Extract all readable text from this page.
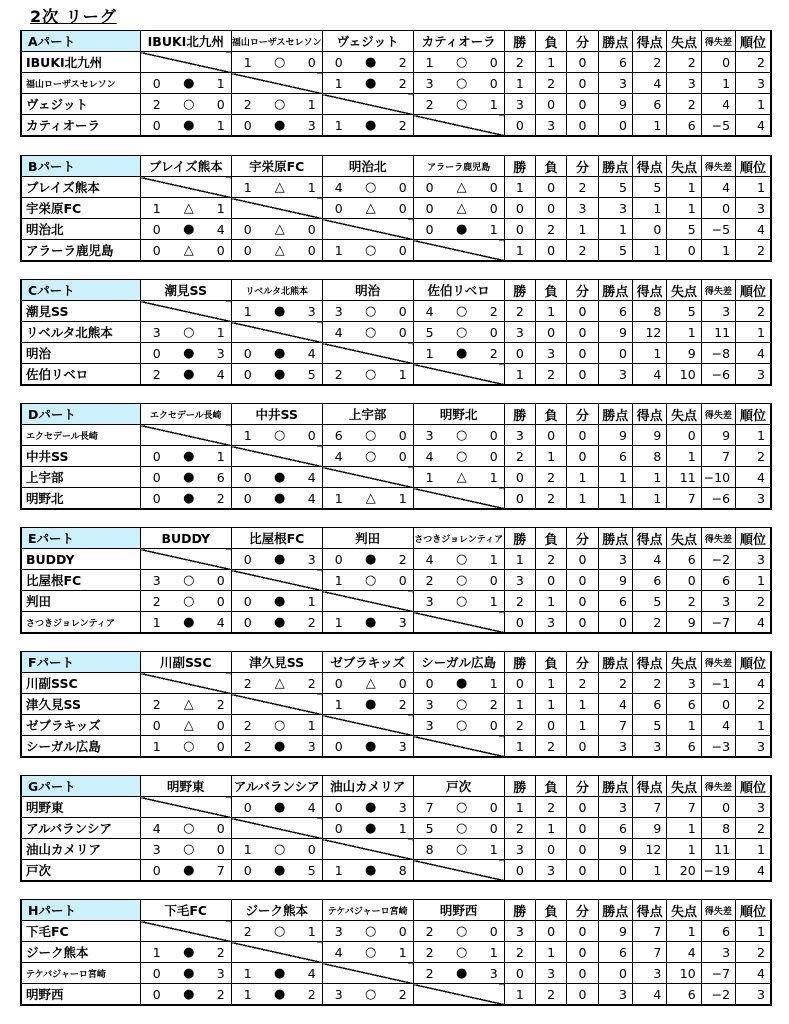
2次 リーグ
Aパート	IBUKI北九州	福山ローザスセレソン	ヴェジット	カティオーラ	勝	負	分	勝点	得点	失点	得失差	順位
IBUKI北九州		1 ○ 0	0 ● 2	1 ○ 0	2	1	0	6	2	2	0	2
福山ローザスセレソン	0 ● 1		1 ● 2	3 ○ 0	1	2	0	3	4	3	1	3
ヴェジット	2 ○ 0	2 ○ 1		2 ○ 1	3	0	0	9	6	2	4	1
カティオーラ	0 ● 1	0 ● 3	1 ● 2		0	3	0	0	1	6	−5	4
Bパート	ブレイズ熊本	宇栄原FC	明治北	アラーラ鹿児島	勝	負	分	勝点	得点	失点	得失差	順位
ブレイズ熊本		1 △ 1	4 ○ 0	0 △ 0	1	0	2	5	5	1	4	1
宇栄原FC	1 △ 1		0 △ 0	0 △ 0	0	0	3	3	1	1	0	3
明治北	0 ● 4	0 △ 0		0 ● 1	0	2	1	1	0	5	−5	4
アラーラ鹿児島	0 △ 0	0 △ 0	1 ○ 0		1	0	2	5	1	0	1	2
Cパート	潮見SS	リベルタ北熊本	明治	佐伯リベロ	勝	負	分	勝点	得点	失点	得失差	順位
潮見SS		1 ● 3	3 ○ 0	4 ○ 2	2	1	0	6	8	5	3	2
リベルタ北熊本	3 ○ 1		4 ○ 0	5 ○ 0	3	0	0	9	12	1	11	1
明治	0 ● 3	0 ● 4		1 ● 2	0	3	0	0	1	9	−8	4
佐伯リベロ	2 ● 4	0 ● 5	2 ○ 1		1	2	0	3	4	10	−6	3
Dパート	エクセデール長崎	中井SS	上宇部	明野北	勝	負	分	勝点	得点	失点	得失差	順位
エクセデール長崎		1 ○ 0	6 ○ 0	3 ○ 0	3	0	0	9	9	0	9	1
中井SS	0 ● 1		4 ○ 0	4 ○ 0	2	1	0	6	8	1	7	2
上宇部	0 ● 6	0 ● 4		1 △ 1	0	2	1	1	1	11	−10	4
明野北	0 ● 2	0 ● 4	1 △ 1		0	2	1	1	1	7	−6	3
Eパート	BUDDY	比屋根FC	判田	さつきジョレンティア	勝	負	分	勝点	得点	失点	得失差	順位
BUDDY		0 ● 3	0 ● 2	4 ○ 1	1	2	0	3	4	6	−2	3
比屋根FC	3 ○ 0		1 ○ 0	2 ○ 0	3	0	0	9	6	0	6	1
判田	2 ○ 0	0 ● 1		3 ○ 1	2	1	0	6	5	2	3	2
さつきジョレンティア	1 ● 4	0 ● 2	1 ● 3		0	3	0	0	2	9	−7	4
Fパート	川副SSC	津久見SS	ゼブラキッズ	シーガル広島	勝	負	分	勝点	得点	失点	得失差	順位
川副SSC		2 △ 2	0 △ 0	0 ● 1	0	1	2	2	2	3	−1	4
津久見SS	2 △ 2		1 ● 2	3 ○ 2	1	1	1	4	6	6	0	2
ゼブラキッズ	0 △ 0	2 ○ 1		3 ○ 0	2	0	1	7	5	1	4	1
シーガル広島	1 ○ 0	2 ● 3	0 ● 3		1	2	0	3	3	6	−3	3
Gパート	明野東	アルバランシア	油山カメリア	戸次	勝	負	分	勝点	得点	失点	得失差	順位
明野東		0 ● 4	0 ● 3	7 ○ 0	1	2	0	3	7	7	0	3
アルバランシア	4 ○ 0		0 ● 1	5 ○ 0	2	1	0	6	9	1	8	2
油山カメリア	3 ○ 0	1 ○ 0		8 ○ 1	3	0	0	9	12	1	11	1
戸次	0 ● 7	0 ● 5	1 ● 8		0	3	0	0	1	20	−19	4
Hパート	下毛FC	ジーク熊本	テケバジャーロ宮崎	明野西	勝	負	分	勝点	得点	失点	得失差	順位
下毛FC		2 ○ 1	3 ○ 0	2 ○ 0	3	0	0	9	7	1	6	1
ジーク熊本	1 ● 2		4 ○ 1	2 ○ 1	2	1	0	6	7	4	3	2
テケバジャーロ宮崎	0 ● 3	1 ● 4		2 ● 3	0	3	0	0	3	10	−7	4
明野西	0 ● 2	1 ● 2	3 ○ 2		1	2	0	3	4	6	−2	3
